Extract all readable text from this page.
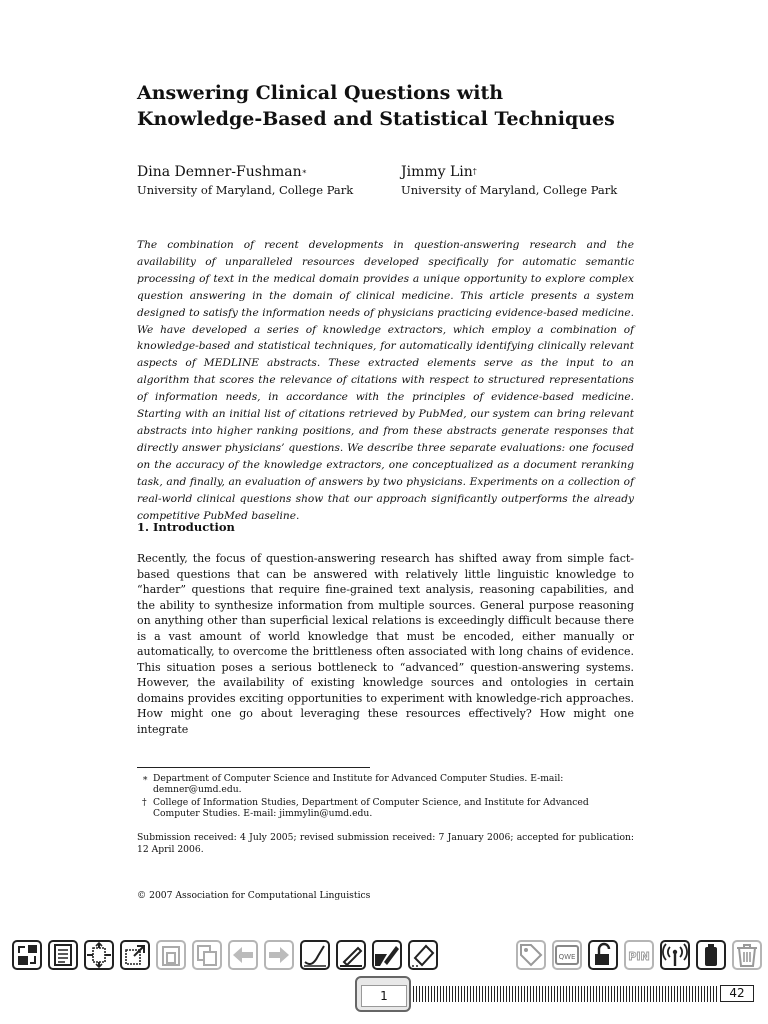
Answering Clinical Questions with
Knowledge-Based and Statistical Techniques
Dina Demner-Fushman∗
University of Maryland, College Park
Jimmy Lin†
University of Maryland, College Park

The combination of recent developments in question-answering research and the availability of unparalleled resources developed specifically for automatic semantic processing of text in the medical domain provides a unique opportunity to explore complex question answering in the domain of clinical medicine. This article presents a system designed to satisfy the information needs of physicians practicing evidence-based medicine. We have developed a series of knowledge extractors, which employ a combination of knowledge-based and statistical techniques, for automatically identifying clinically relevant aspects of MEDLINE abstracts. These extracted elements serve as the input to an algorithm that scores the relevance of citations with respect to structured representations of information needs, in accordance with the principles of evidence-based medicine. Starting with an initial list of citations retrieved by PubMed, our system can bring relevant abstracts into higher ranking positions, and from these abstracts generate responses that directly answer physicians’ questions. We describe three separate evaluations: one focused on the accuracy of the knowledge extractors, one conceptualized as a document reranking task, and finally, an evaluation of answers by two physicians. Experiments on a collection of real-world clinical questions show that our approach significantly outperforms the already competitive PubMed baseline.

1. Introduction

Recently, the focus of question-answering research has shifted away from simple fact-based questions that can be answered with relatively little linguistic knowledge to “harder” questions that require fine-grained text analysis, reasoning capabilities, and the ability to synthesize information from multiple sources. General purpose reasoning on anything other than superficial lexical relations is exceedingly difficult because there is a vast amount of world knowledge that must be encoded, either manually or automatically, to overcome the brittleness often associated with long chains of evidence. This situation poses a serious bottleneck to “advanced” question-answering systems. However, the availability of existing knowledge sources and ontologies in certain domains provides exciting opportunities to experiment with knowledge-rich approaches. How might one go about leveraging these resources effectively? How might one integrate

∗ Department of Computer Science and Institute for Advanced Computer Studies. E-mail: demner@umd.edu.
† College of Information Studies, Department of Computer Science, and Institute for Advanced Computer Studies. E-mail: jimmylin@umd.edu.

Submission received: 4 July 2005; revised submission received: 7 January 2006; accepted for publication: 12 April 2006.

© 2007 Association for Computational Linguistics

QWE	PIN
1	42
